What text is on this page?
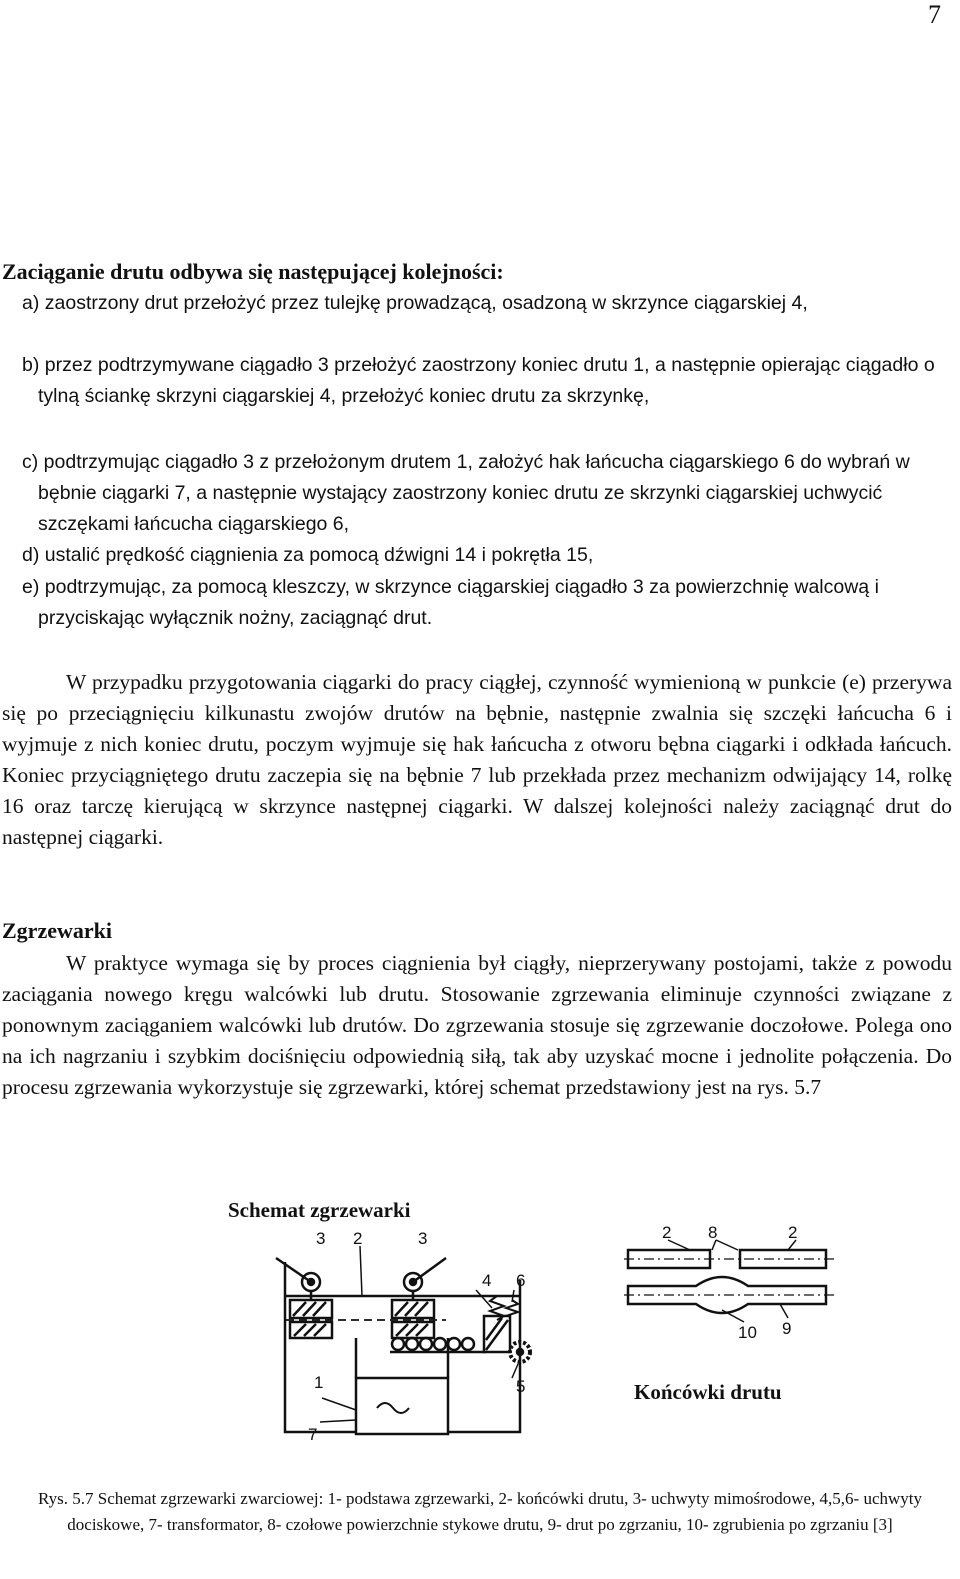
7
Zaciąganie drutu odbywa się następującej kolejności:
a) zaostrzony drut przełożyć przez tulejkę prowadzącą, osadzoną w skrzynce ciągarskiej 4,
b) przez podtrzymywane ciągadło 3 przełożyć zaostrzony koniec drutu 1, a następnie opierając ciągadło o tylną ściankę skrzyni ciągarskiej 4, przełożyć koniec drutu za skrzynkę,
c) podtrzymując ciągadło 3 z przełożonym drutem 1, założyć hak łańcucha ciągarskiego 6 do wybrań w bębnie ciągarki 7, a następnie wystający zaostrzony koniec drutu ze skrzynki ciągarskiej uchwycić szczękami łańcucha ciągarskiego 6,
d) ustalić prędkość ciągnienia za pomocą dźwigni 14 i pokrętła 15,
e) podtrzymując, za pomocą kleszczy, w skrzynce ciągarskiej ciągadło 3 za powierzchnię walcową i przyciskając wyłącznik nożny, zaciągnąć drut.

W przypadku przygotowania ciągarki do pracy ciągłej, czynność wymienioną w punkcie (e) przerywa się po przeciągnięciu kilkunastu zwojów drutów na bębnie, następnie zwalnia się szczęki łańcucha 6 i wyjmuje z nich koniec drutu, poczym wyjmuje się hak łańcucha z otworu bębna ciągarki i odkłada łańcuch. Koniec przyciągniętego drutu zaczepia się na bębnie 7 lub przekłada przez mechanizm odwijający 14, rolkę 16 oraz tarczę kierującą w skrzynce następnej ciągarki. W dalszej kolejności należy zaciągnąć drut do następnej ciągarki.

Zgrzewarki

W praktyce wymaga się by proces ciągnienia był ciągły, nieprzerywany postojami, także z powodu zaciągania nowego kręgu walcówki lub drutu. Stosowanie zgrzewania eliminuje czynności związane z ponownym zaciąganiem walcówki lub drutów. Do zgrzewania stosuje się zgrzewanie doczołowe. Polega ono na ich nagrzaniu i szybkim dociśnięciu odpowiednią siłą, tak aby uzyskać mocne i jednolite połączenia. Do procesu zgrzewania wykorzystuje się zgrzewarki, której schemat przedstawiony jest na rys. 5.7

Schemat zgrzewarki
Końcówki drutu
3 2	3
4 6
1	5
7
2 8	2
10 9
~

Rys. 5.7 Schemat zgrzewarki zwarciowej: 1- podstawa zgrzewarki, 2- końcówki drutu, 3- uchwyty mimośrodowe, 4,5,6- uchwyty dociskowe, 7- transformator, 8- czołowe powierzchnie stykowe drutu, 9- drut po zgrzaniu, 10- zgrubienia po zgrzaniu [3]
